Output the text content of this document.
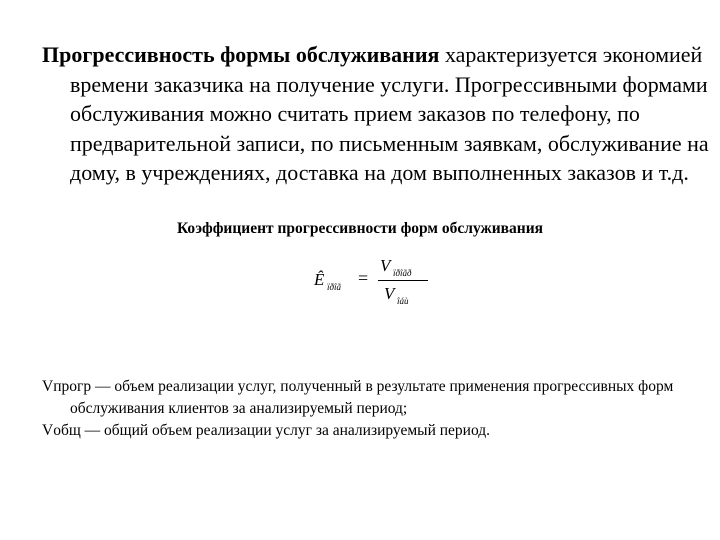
Прогрессивность формы обслуживания характеризуется экономией времени заказчика на получение услуги. Прогрессивными формами обслуживания можно считать прием заказов по телефону, по предварительной записи, по письменным заявкам, обслуживание на дому, в учреждениях, доставка на дом выполненных заказов и т.д.

Коэффициент прогрессивности форм обслуживания
Ê ïðîã =
V ïðîãð
V îáù

Vпрогр — объем реализации услуг, полученный в результате применения прогрессивных форм обслуживания клиентов за анализируемый период;

Vобщ — общий объем реализации услуг за анализируемый период.
